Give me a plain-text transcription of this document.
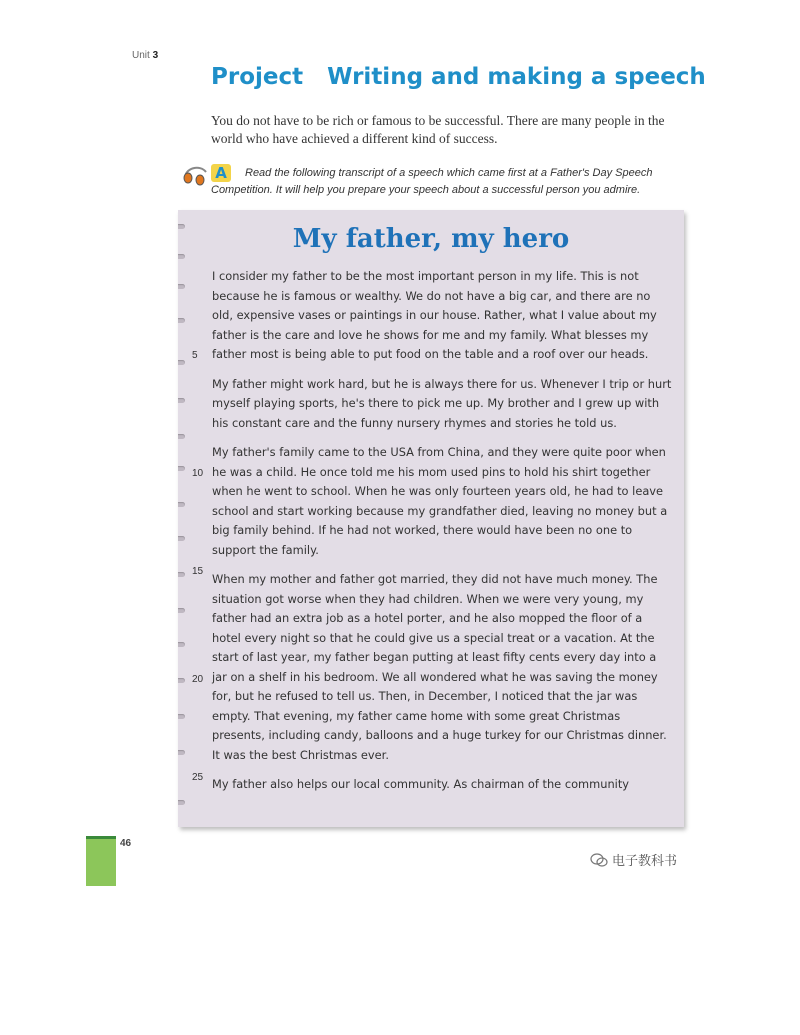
Unit 3
Project Writing and making a speech
You do not have to be rich or famous to be successful. There are many people in the world who have achieved a different kind of success.
Read the following transcript of a speech which came first at a Father's Day Speech Competition. It will help you prepare your speech about a successful person you admire.
A
My father, my hero
5
10
15
20
25

I consider my father to be the most important person in my life. This is not because he is famous or wealthy. We do not have a big car, and there are no old, expensive vases or paintings in our house. Rather, what I value about my father is the care and love he shows for me and my family. What blesses my father most is being able to put food on the table and a roof over our heads.

My father might work hard, but he is always there for us. Whenever I trip or hurt myself playing sports, he's there to pick me up. My brother and I grew up with his constant care and the funny nursery rhymes and stories he told us.

My father's family came to the USA from China, and they were quite poor when he was a child. He once told me his mom used pins to hold his shirt together when he went to school. When he was only fourteen years old, he had to leave school and start working because my grandfather died, leaving no money but a big family behind. If he had not worked, there would have been no one to support the family.

When my mother and father got married, they did not have much money. The situation got worse when they had children. When we were very young, my father had an extra job as a hotel porter, and he also mopped the floor of a hotel every night so that he could give us a special treat or a vacation. At the start of last year, my father began putting at least fifty cents every day into a jar on a shelf in his bedroom. We all wondered what he was saving the money for, but he refused to tell us. Then, in December, I noticed that the jar was empty. That evening, my father came home with some great Christmas presents, including candy, balloons and a huge turkey for our Christmas dinner. It was the best Christmas ever.

My father also helps our local community. As chairman of the community

46
电子教科书
